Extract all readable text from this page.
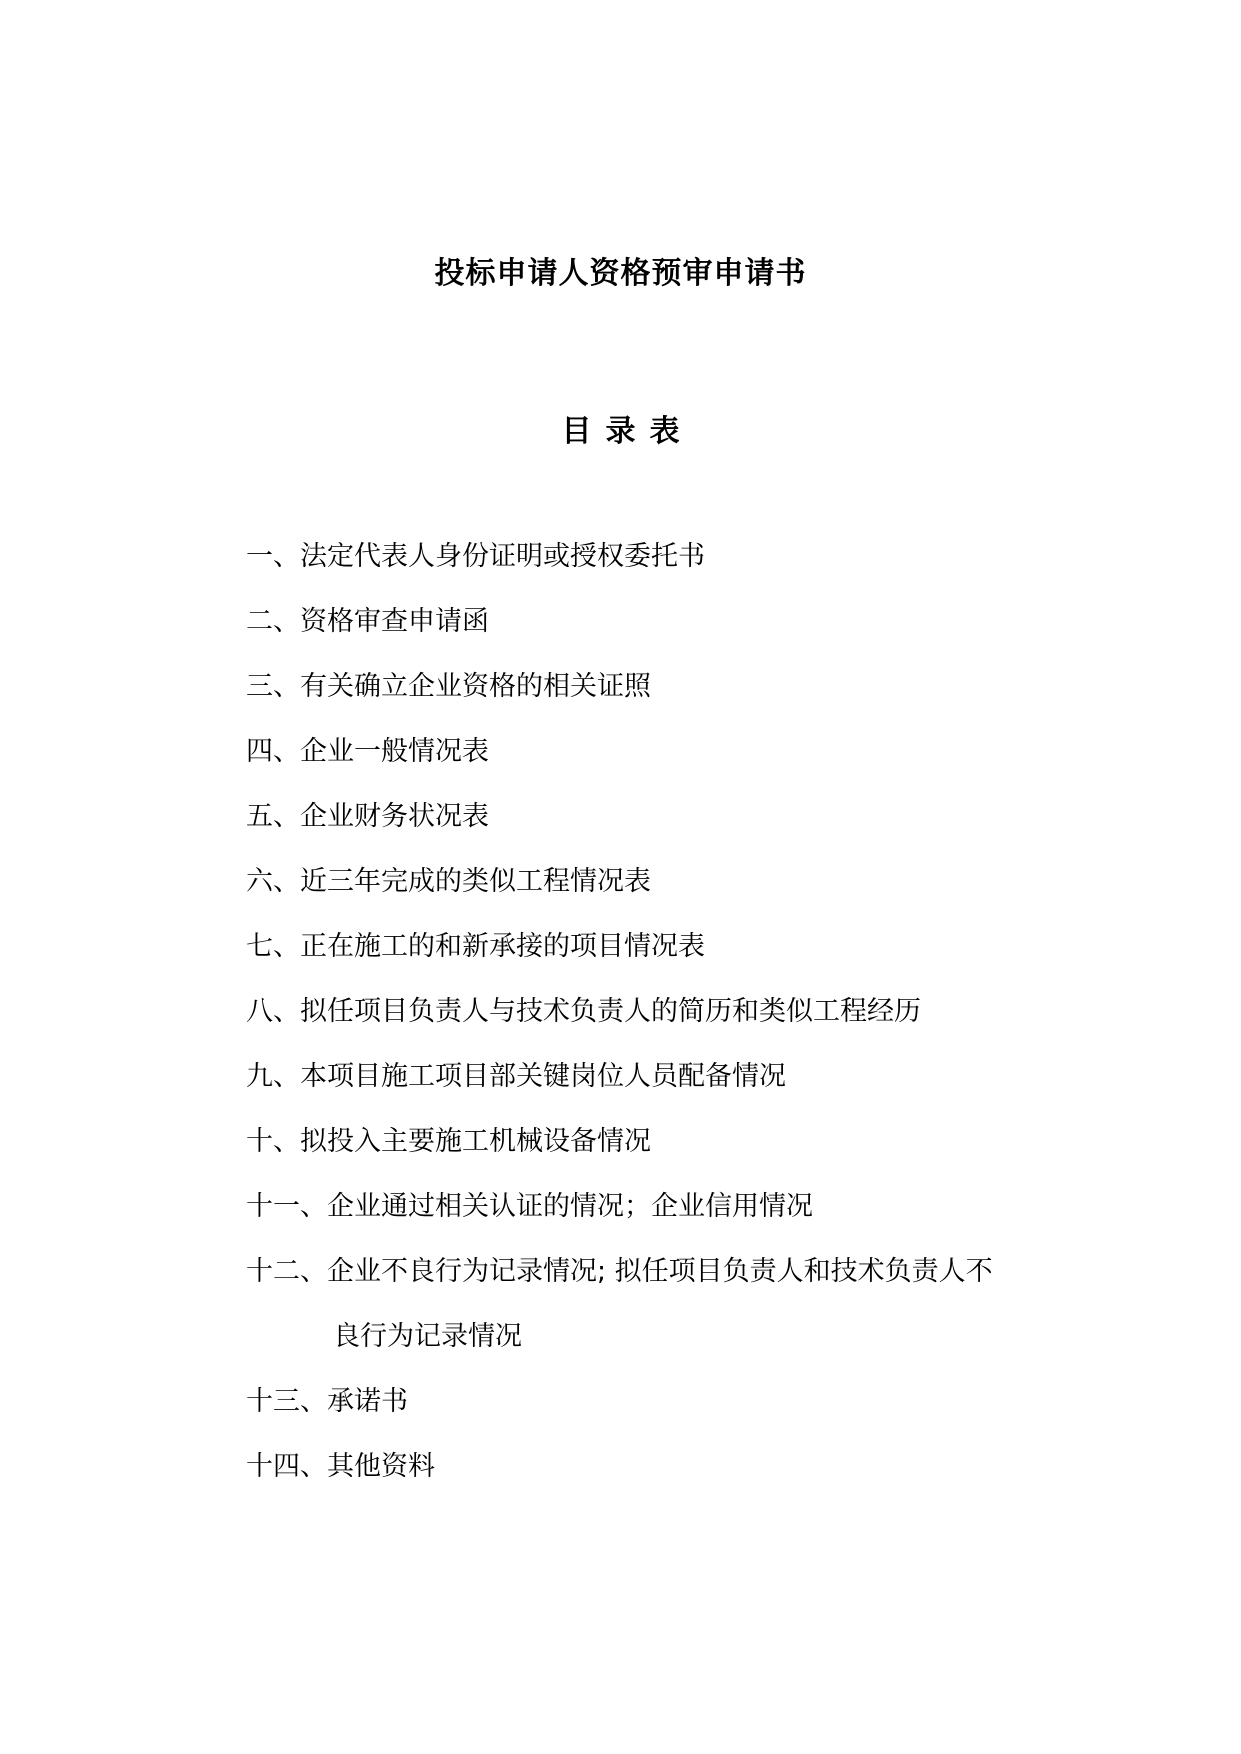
投标申请人资格预审申请书
目录表
一、法定代表人身份证明或授权委托书
二、资格审查申请函
三、有关确立企业资格的相关证照
四、企业一般情况表
五、企业财务状况表
六、近三年完成的类似工程情况表
七、正在施工的和新承接的项目情况表
八、拟任项目负责人与技术负责人的简历和类似工程经历
九、本项目施工项目部关键岗位人员配备情况
十、拟投入主要施工机械设备情况
十一、企业通过相关认证的情况；企业信用情况
十二、企业不良行为记录情况; 拟任项目负责人和技术负责人不
良行为记录情况
十三、承诺书
十四、其他资料
